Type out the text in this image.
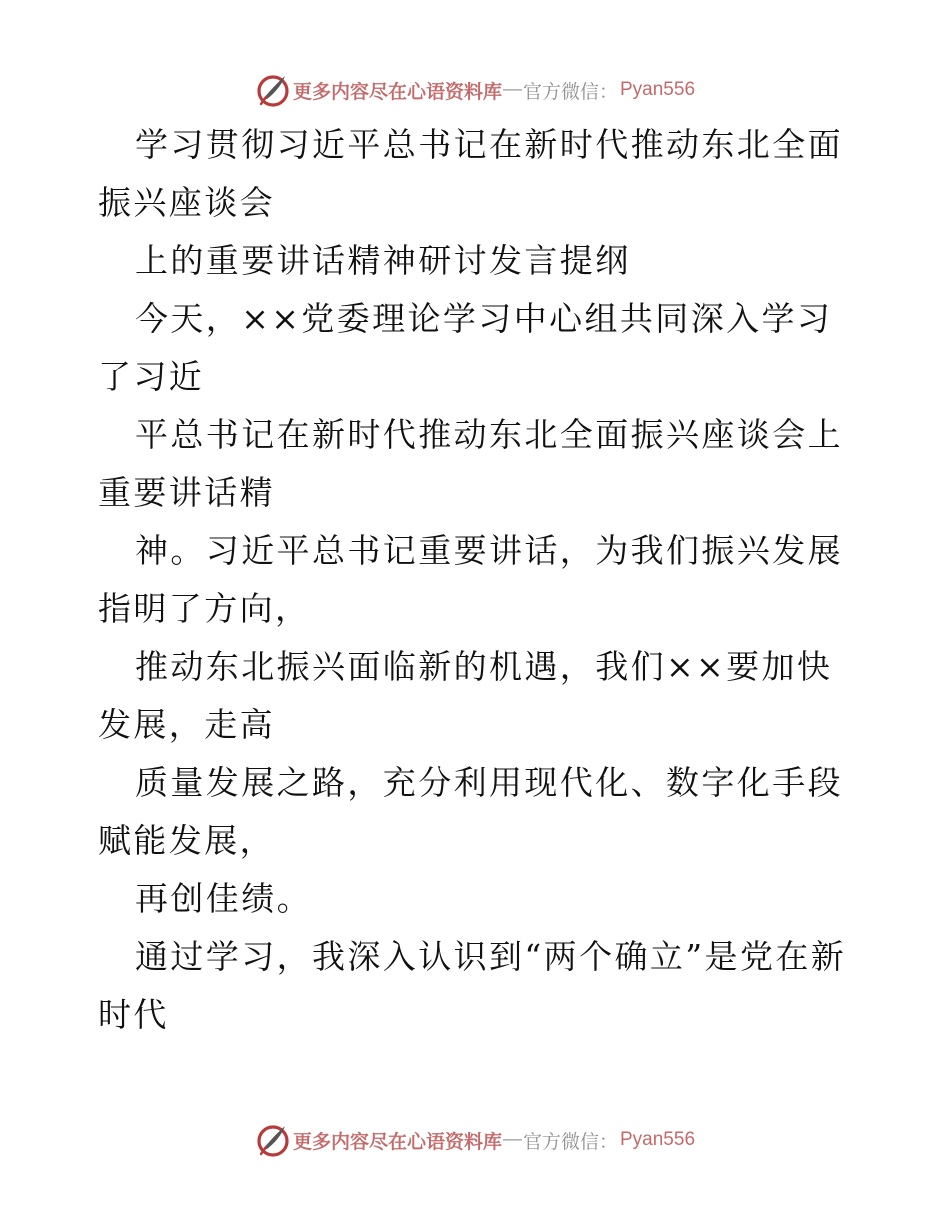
更多内容尽在心语资料库 — 官方微信： Pyan556

学习贯彻习近平总书记在新时代推动东北全面振兴座谈会

上的重要讲话精神研讨发言提纲

今天，××党委理论学习中心组共同深入学习了习近

平总书记在新时代推动东北全面振兴座谈会上重要讲话精

神。习近平总书记重要讲话，为我们振兴发展指明了方向，

推动东北振兴面临新的机遇，我们××要加快发展，走高

质量发展之路，充分利用现代化、数字化手段赋能发展，

再创佳绩。

通过学习，我深入认识到“两个确立”是党在新时代

更多内容尽在心语资料库 — 官方微信： Pyan556
